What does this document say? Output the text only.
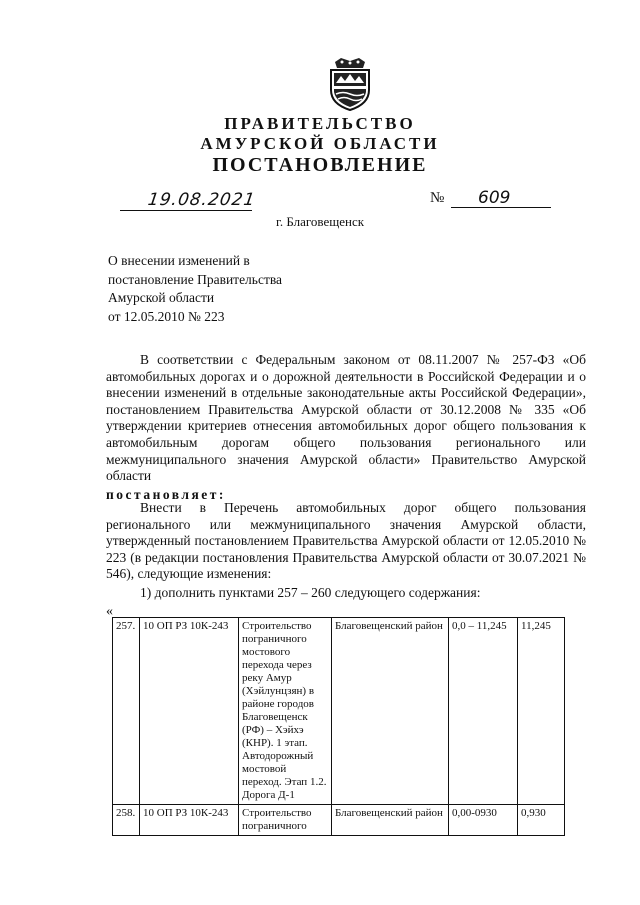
ПРАВИТЕЛЬСТВО
АМУРСКОЙ ОБЛАСТИ
ПОСТАНОВЛЕНИЕ
19.08.2021	№ 609
г. Благовещенск
О внесении изменений в
постановление Правительства
Амурской области
от 12.05.2010 № 223
В соответствии с Федеральным законом от 08.11.2007 № 257-ФЗ «Об автомобильных дорогах и о дорожной деятельности в Российской Федерации и о внесении изменений в отдельные законодательные акты Российской Федерации», постановлением Правительства Амурской области от 30.12.2008 № 335 «Об утверждении критериев отнесения автомобильных дорог общего пользования к автомобильным дорогам общего пользования регионального или межмуниципального значения Амурской области» Правительство Амурской области
постановляет:
Внести в Перечень автомобильных дорог общего пользования регионального или межмуниципального значения Амурской области, утвержденный постановлением Правительства Амурской области от 12.05.2010 № 223 (в редакции постановления Правительства Амурской области от 30.07.2021 № 546), следующие изменения:
1) дополнить пунктами 257 – 260 следующего содержания:
«
257.	10 ОП РЗ 10К-243	Строительство пограничного мостового перехода через реку Амур (Хэйлунцзян) в районе городов Благовещенск (РФ) – Хэйхэ (КНР). 1 этап. Автодорожный мостовой переход. Этап 1.2. Дорога Д-1	Благовещенский район	0,0 – 11,245	11,245
258.	10 ОП РЗ 10К-243	Строительство пограничного	Благовещенский район	0,00-0930	0,930
